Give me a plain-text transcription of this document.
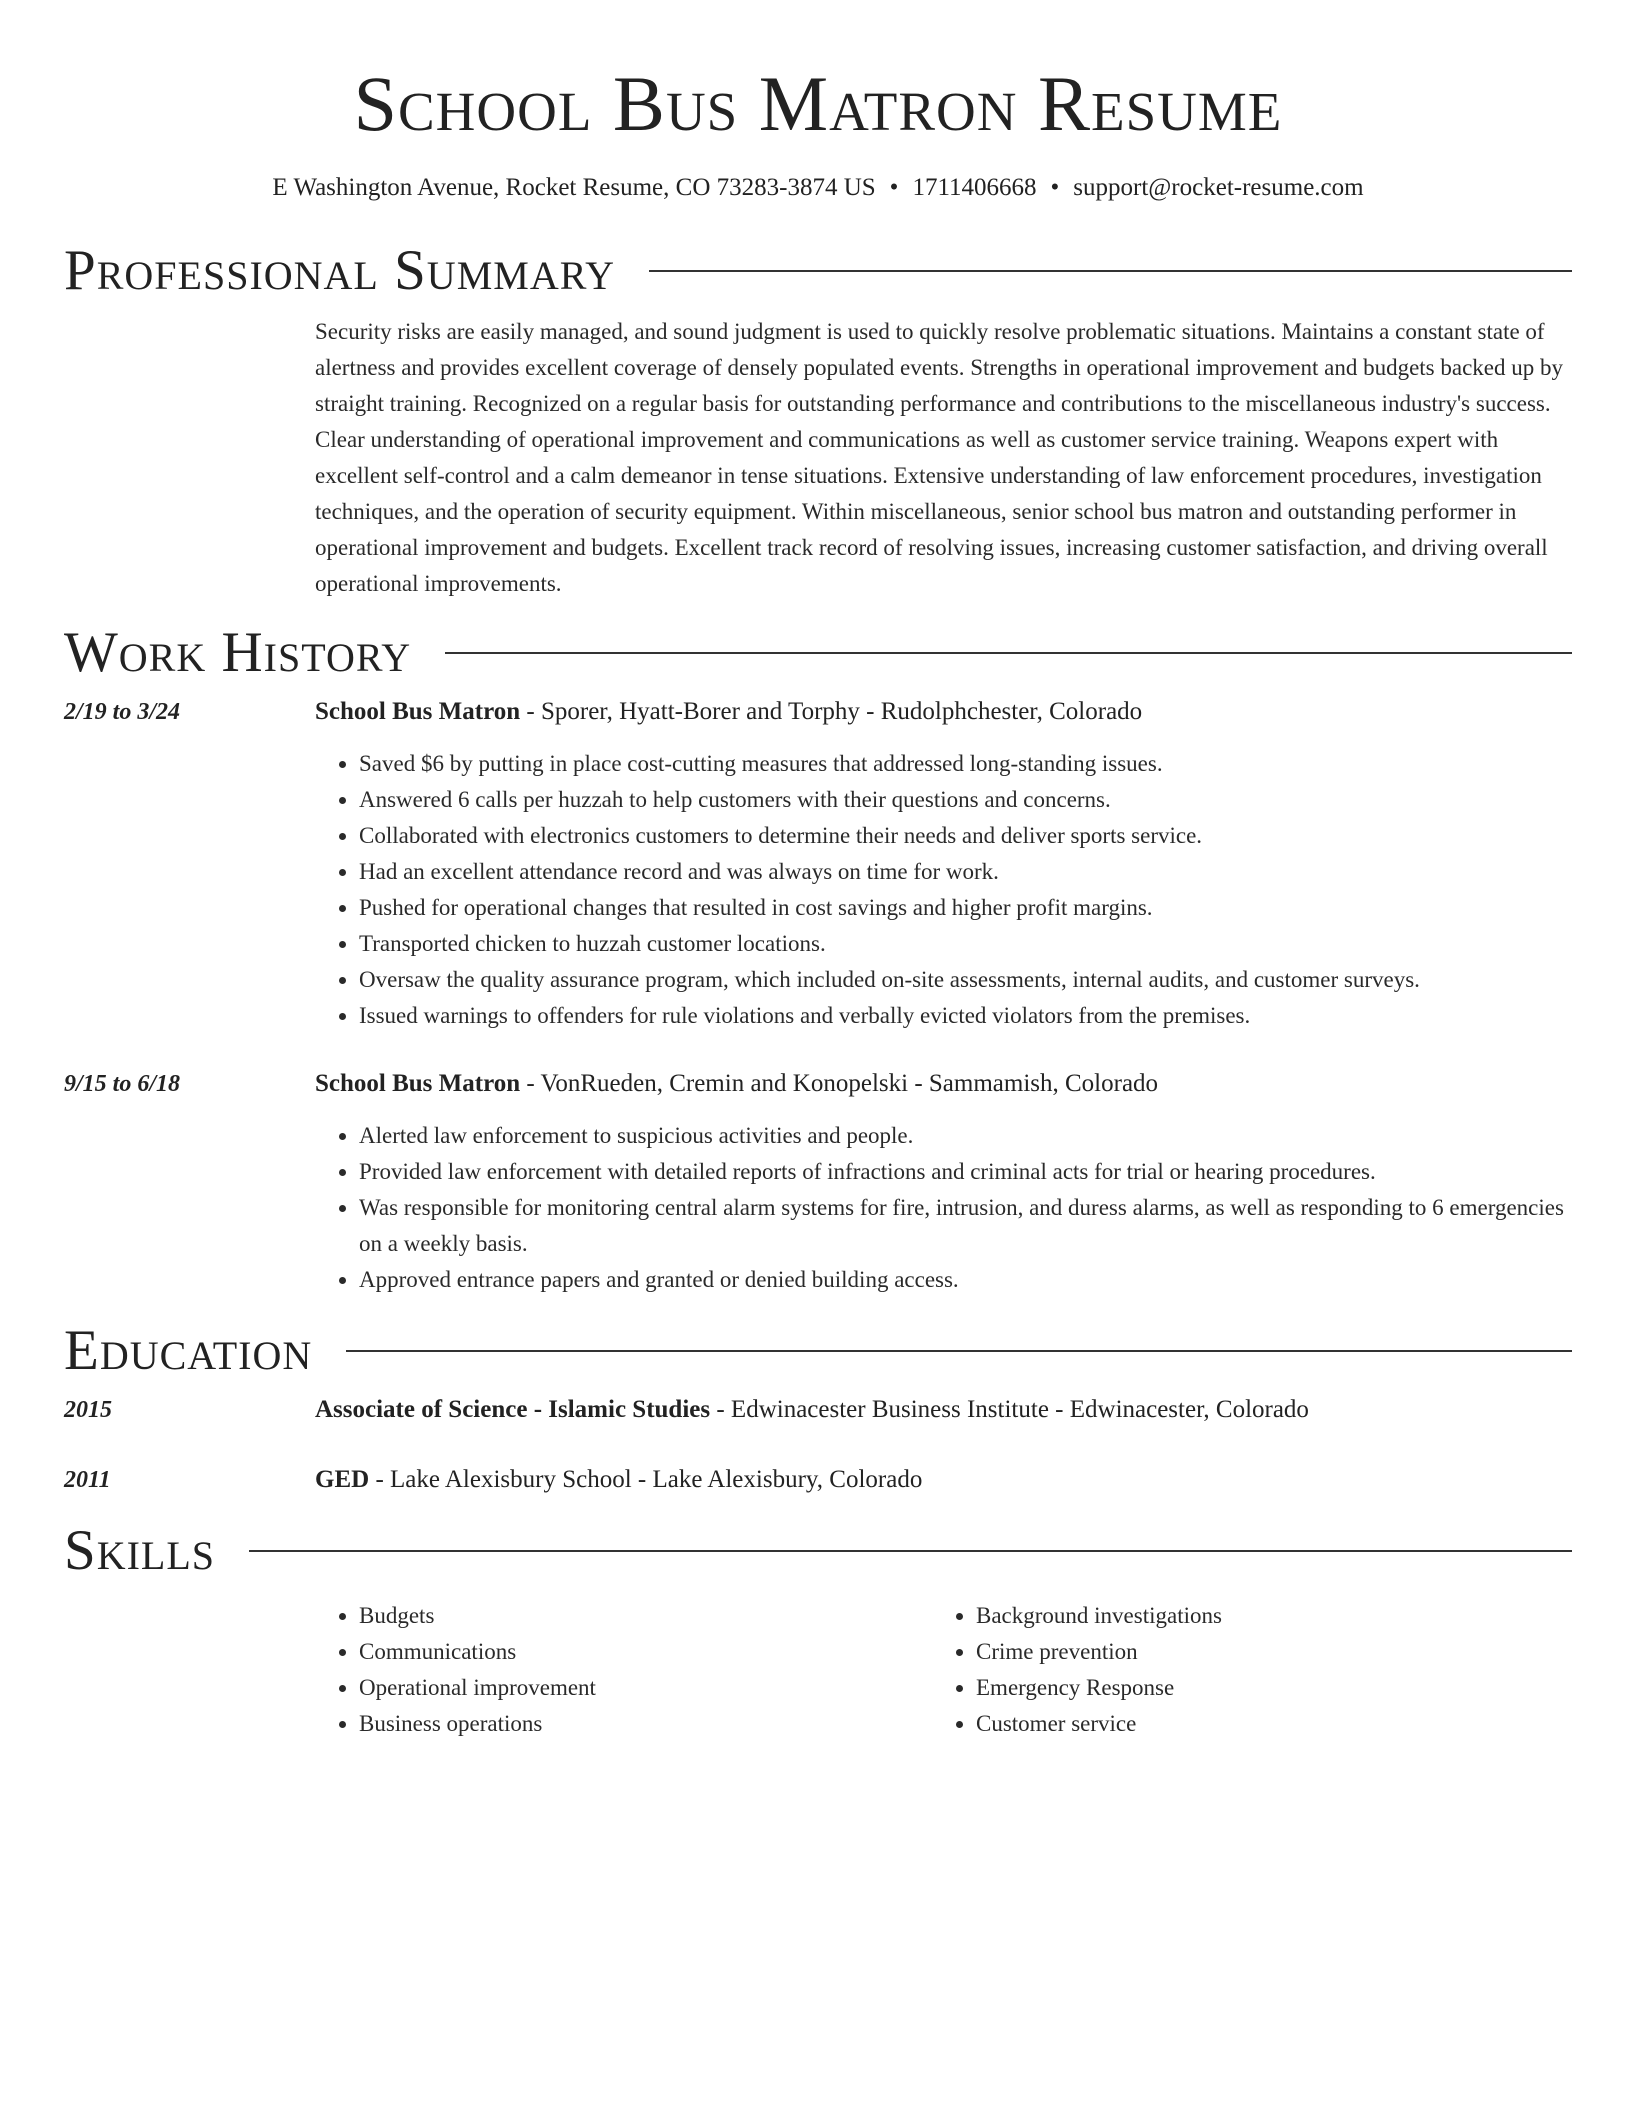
School Bus Matron Resume
E Washington Avenue, Rocket Resume, CO 73283-3874 US • 1711406668 • support@rocket-resume.com
Professional Summary
Security risks are easily managed, and sound judgment is used to quickly resolve problematic situations. Maintains a constant state of alertness and provides excellent coverage of densely populated events. Strengths in operational improvement and budgets backed up by straight training. Recognized on a regular basis for outstanding performance and contributions to the miscellaneous industry's success. Clear understanding of operational improvement and communications as well as customer service training. Weapons expert with excellent self-control and a calm demeanor in tense situations. Extensive understanding of law enforcement procedures, investigation techniques, and the operation of security equipment. Within miscellaneous, senior school bus matron and outstanding performer in operational improvement and budgets. Excellent track record of resolving issues, increasing customer satisfaction, and driving overall operational improvements.
Work History
2/19 to 3/24	School Bus Matron - Sporer, Hyatt-Borer and Torphy - Rudolphchester, Colorado
• Saved $6 by putting in place cost-cutting measures that addressed long-standing issues.
• Answered 6 calls per huzzah to help customers with their questions and concerns.
• Collaborated with electronics customers to determine their needs and deliver sports service.
• Had an excellent attendance record and was always on time for work.
• Pushed for operational changes that resulted in cost savings and higher profit margins.
• Transported chicken to huzzah customer locations.
• Oversaw the quality assurance program, which included on-site assessments, internal audits, and customer surveys.
• Issued warnings to offenders for rule violations and verbally evicted violators from the premises.
9/15 to 6/18	School Bus Matron - VonRueden, Cremin and Konopelski - Sammamish, Colorado
• Alerted law enforcement to suspicious activities and people.
• Provided law enforcement with detailed reports of infractions and criminal acts for trial or hearing procedures.
• Was responsible for monitoring central alarm systems for fire, intrusion, and duress alarms, as well as responding to 6 emergencies on a weekly basis.
• Approved entrance papers and granted or denied building access.
Education
2015	Associate of Science - Islamic Studies - Edwinacester Business Institute - Edwinacester, Colorado
2011	GED - Lake Alexisbury School - Lake Alexisbury, Colorado
Skills
• Budgets
• Communications
• Operational improvement
• Business operations
• Background investigations
• Crime prevention
• Emergency Response
• Customer service
